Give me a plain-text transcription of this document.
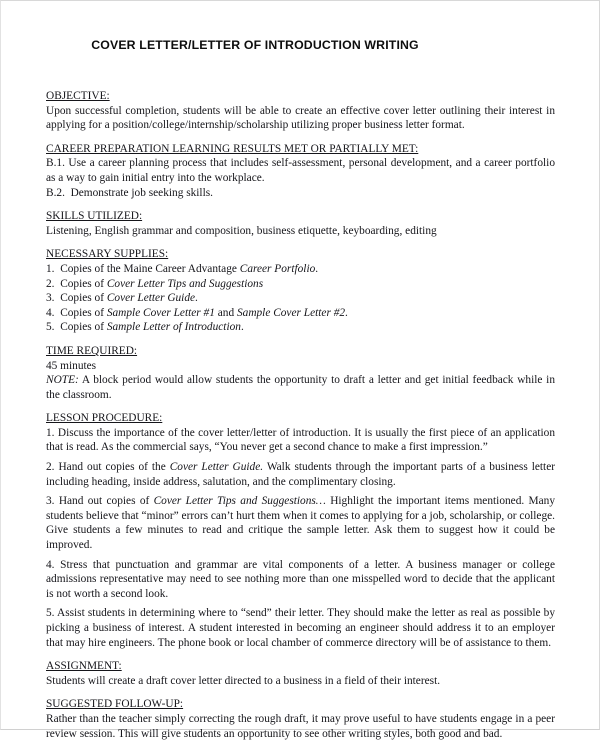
COVER LETTER/LETTER OF INTRODUCTION WRITING
OBJECTIVE:

Upon successful completion, students will be able to create an effective cover letter outlining their interest in applying for a position/college/internship/scholarship utilizing proper business letter format.

CAREER PREPARATION LEARNING RESULTS MET OR PARTIALLY MET:

B.1. Use a career planning process that includes self-assessment, personal development, and a career portfolio as a way to gain initial entry into the workplace.

B.2.  Demonstrate job seeking skills.

SKILLS UTILIZED:

Listening, English grammar and composition, business etiquette, keyboarding, editing

NECESSARY SUPPLIES:

1. Copies of the Maine Career Advantage Career Portfolio.

2. Copies of Cover Letter Tips and Suggestions

3. Copies of Cover Letter Guide.

4. Copies of Sample Cover Letter #1 and Sample Cover Letter #2.

5. Copies of Sample Letter of Introduction.

TIME REQUIRED:

45 minutes

NOTE: A block period would allow students the opportunity to draft a letter and get initial feedback while in the classroom.

LESSON PROCEDURE:

1. Discuss the importance of the cover letter/letter of introduction. It is usually the first piece of an application that is read. As the commercial says, “You never get a second chance to make a first impression.”

2. Hand out copies of the Cover Letter Guide. Walk students through the important parts of a business letter including heading, inside address, salutation, and the complimentary closing.

3. Hand out copies of Cover Letter Tips and Suggestions… Highlight the important items mentioned. Many students believe that “minor” errors can’t hurt them when it comes to applying for a job, scholarship, or college. Give students a few minutes to read and critique the sample letter. Ask them to suggest how it could be improved.

4. Stress that punctuation and grammar are vital components of a letter. A business manager or college admissions representative may need to see nothing more than one misspelled word to decide that the applicant is not worth a second look.

5. Assist students in determining where to “send” their letter. They should make the letter as real as possible by picking a business of interest. A student interested in becoming an engineer should address it to an employer that may hire engineers. The phone book or local chamber of commerce directory will be of assistance to them.

ASSIGNMENT:

Students will create a draft cover letter directed to a business in a field of their interest.

SUGGESTED FOLLOW-UP:

Rather than the teacher simply correcting the rough draft, it may prove useful to have students engage in a peer review session. This will give students an opportunity to see other writing styles, both good and bad.
